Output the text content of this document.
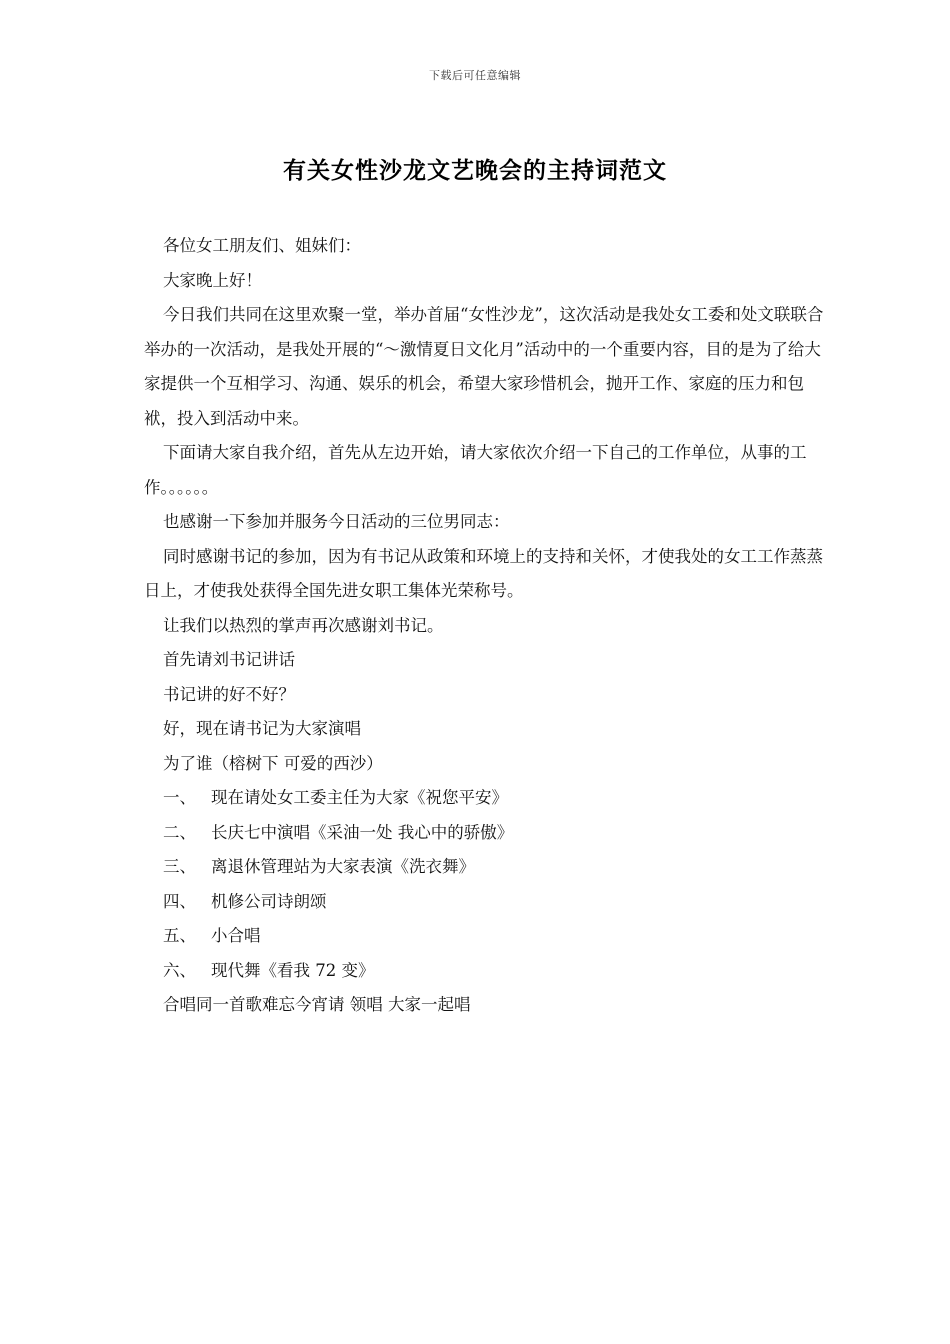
下载后可任意编辑
有关女性沙龙文艺晚会的主持词范文

各位女工朋友们、姐妹们：

大家晚上好！

今日我们共同在这里欢聚一堂，举办首届“女性沙龙”，这次活动是我处女工委和处文联联合举办的一次活动，是我处开展的“～激情夏日文化月”活动中的一个重要内容，目的是为了给大家提供一个互相学习、沟通、娱乐的机会，希望大家珍惜机会，抛开工作、家庭的压力和包袱，投入到活动中来。

下面请大家自我介绍，首先从左边开始，请大家依次介绍一下自己的工作单位，从事的工作。。。。。。

也感谢一下参加并服务今日活动的三位男同志：

同时感谢书记的参加，因为有书记从政策和环境上的支持和关怀，才使我处的女工工作蒸蒸日上，才使我处获得全国先进女职工集体光荣称号。

让我们以热烈的掌声再次感谢刘书记。

首先请刘书记讲话

书记讲的好不好？

好，现在请书记为大家演唱

为了谁（榕树下 可爱的西沙）

一、 现在请处女工委主任为大家《祝您平安》

二、 长庆七中演唱《采油一处 我心中的骄傲》

三、 离退休管理站为大家表演《洗衣舞》

四、 机修公司诗朗颂

五、 小合唱

六、 现代舞《看我 72 变》

合唱同一首歌难忘今宵请 领唱 大家一起唱
